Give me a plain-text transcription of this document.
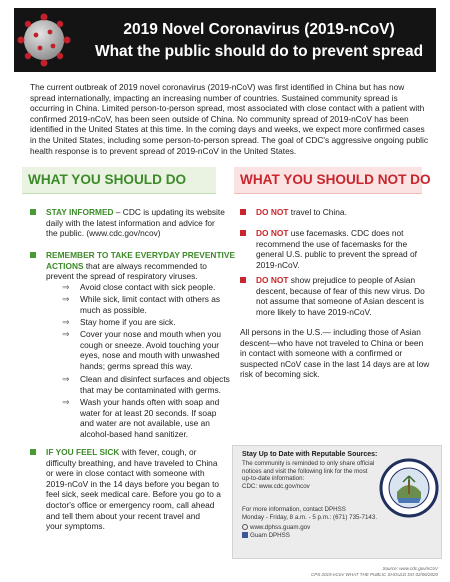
2019 Novel Coronavirus (2019-nCoV)
What the public should do to prevent spread
The current outbreak of 2019 novel coronavirus (2019-nCoV) was first identified in China but has now spread internationally, impacting an increasing number of countries. Sustained community spread is occurring in China. Limited person-to-person spread, most associated with close contact with a patient with confirmed 2019-nCoV, has been seen outside of China. No community spread of 2019-nCoV has been identified in the United States at this time. In the coming days and weeks, we expect more confirmed cases in the United States, including some person-to-person spread. The goal of CDC's aggressive ongoing public health response is to prevent spread of 2019-nCoV in the United States.
WHAT YOU SHOULD DO	WHAT YOU SHOULD NOT DO
STAY INFORMED – CDC is updating its website
daily with the latest information and advice for
the public. (www.cdc.gov/ncov)
REMEMBER TO TAKE EVERYDAY PREVENTIVE
ACTIONS that are always recommended to
prevent the spread of respiratory viruses.
⇒ Avoid close contact with sick people.
⇒ While sick, limit contact with others as
much as possible.
⇒ Stay home if you are sick.
⇒ Cover your nose and mouth when you
cough or sneeze. Avoid touching your
eyes, nose and mouth with unwashed
hands; germs spread this way.
⇒ Clean and disinfect surfaces and objects
that may be contaminated with germs.
⇒ Wash your hands often with soap and
water for at least 20 seconds. If soap
and water are not available, use an
alcohol-based hand sanitizer.
IF YOU FEEL SICK with fever, cough, or
difficulty breathing, and have traveled to China
or were in close contact with someone with
2019-nCoV in the 14 days before you began to
feel sick, seek medical care. Before you go to a
doctor's office or emergency room, call ahead
and tell them about your recent travel and
your symptoms.
DO NOT travel to China.
DO NOT use facemasks. CDC does not
recommend the use of facemasks for the
general U.S. public to prevent the spread of
2019-nCoV.
DO NOT show prejudice to people of Asian
descent, because of fear of this new virus. Do
not assume that someone of Asian descent is
more likely to have 2019-nCoV.
All persons in the U.S.— including those of Asian
descent—who have not traveled to China or been
in contact with someone with a confirmed or
suspected nCoV case in the last 14 days are at low
risk of becoming sick.
Stay Up to Date with Reputable Sources:
The community is reminded to only share official
notices and visit the following link for the most
up-to-date information:
CDC: www.cdc.gov/ncov
For more information, contact DPHSS
Monday - Friday, 8 a.m. - 5 p.m.: (671) 735-7143.
www.dphss.guam.gov
Guam DPHSS
Source: www.cdc.gov/nCoV
CPS 2019-nCoV WHAT THE PUBLIC SHOULD DO 02/06/2020
